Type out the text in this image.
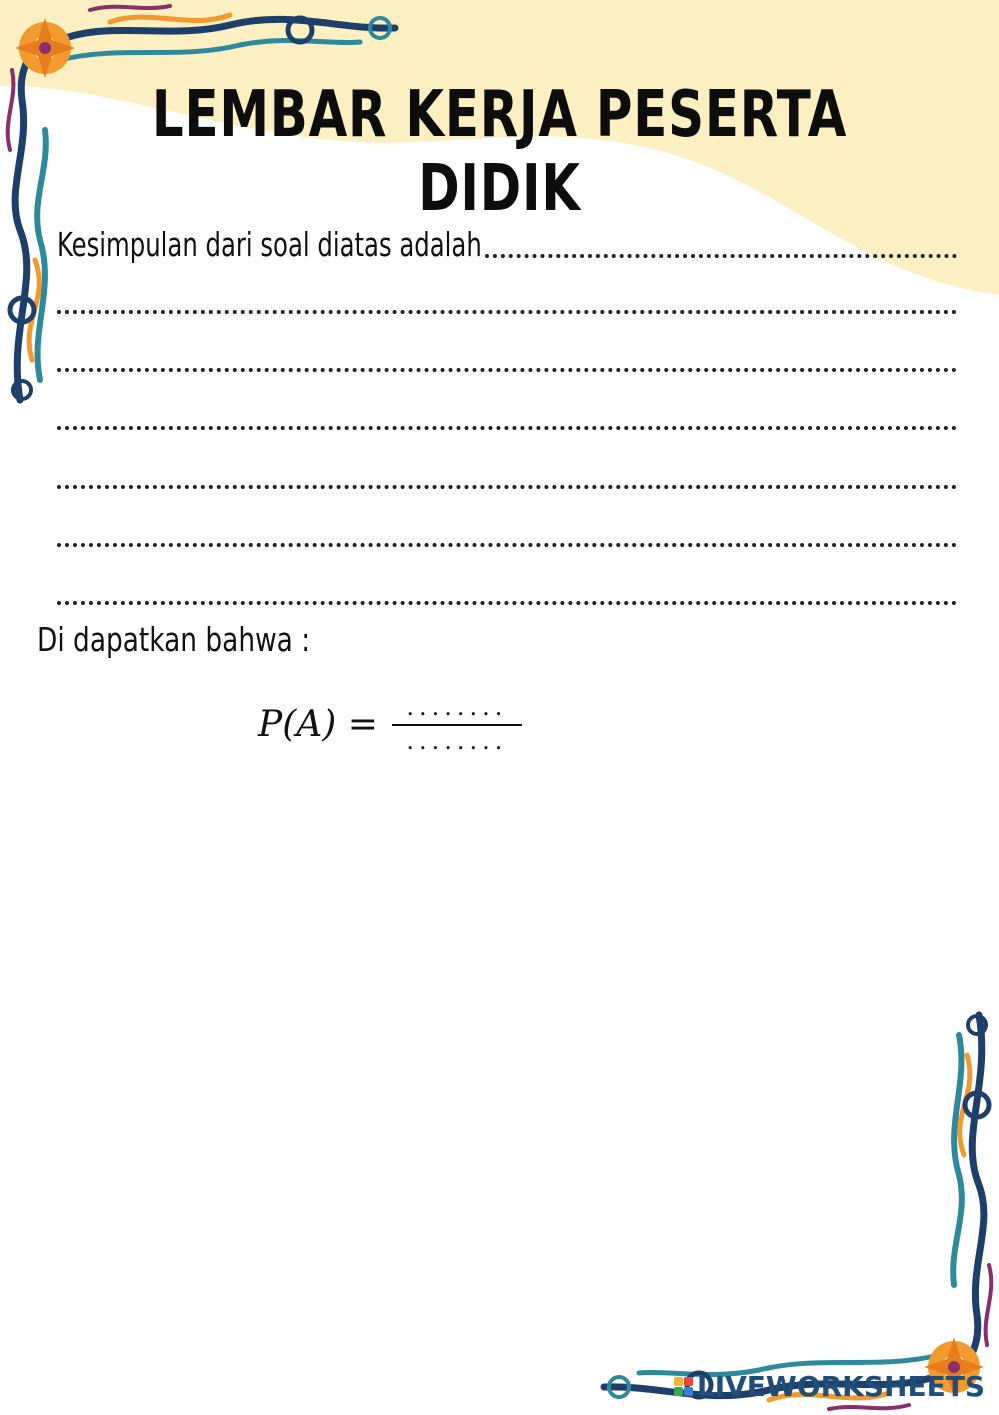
LEMBAR KERJA PESERTA DIDIK
Kesimpulan dari soal diatas adalah
Di dapatkan bahwa :
$P(A) = \frac{........}{........}$
LIVEWORKSHEETS
